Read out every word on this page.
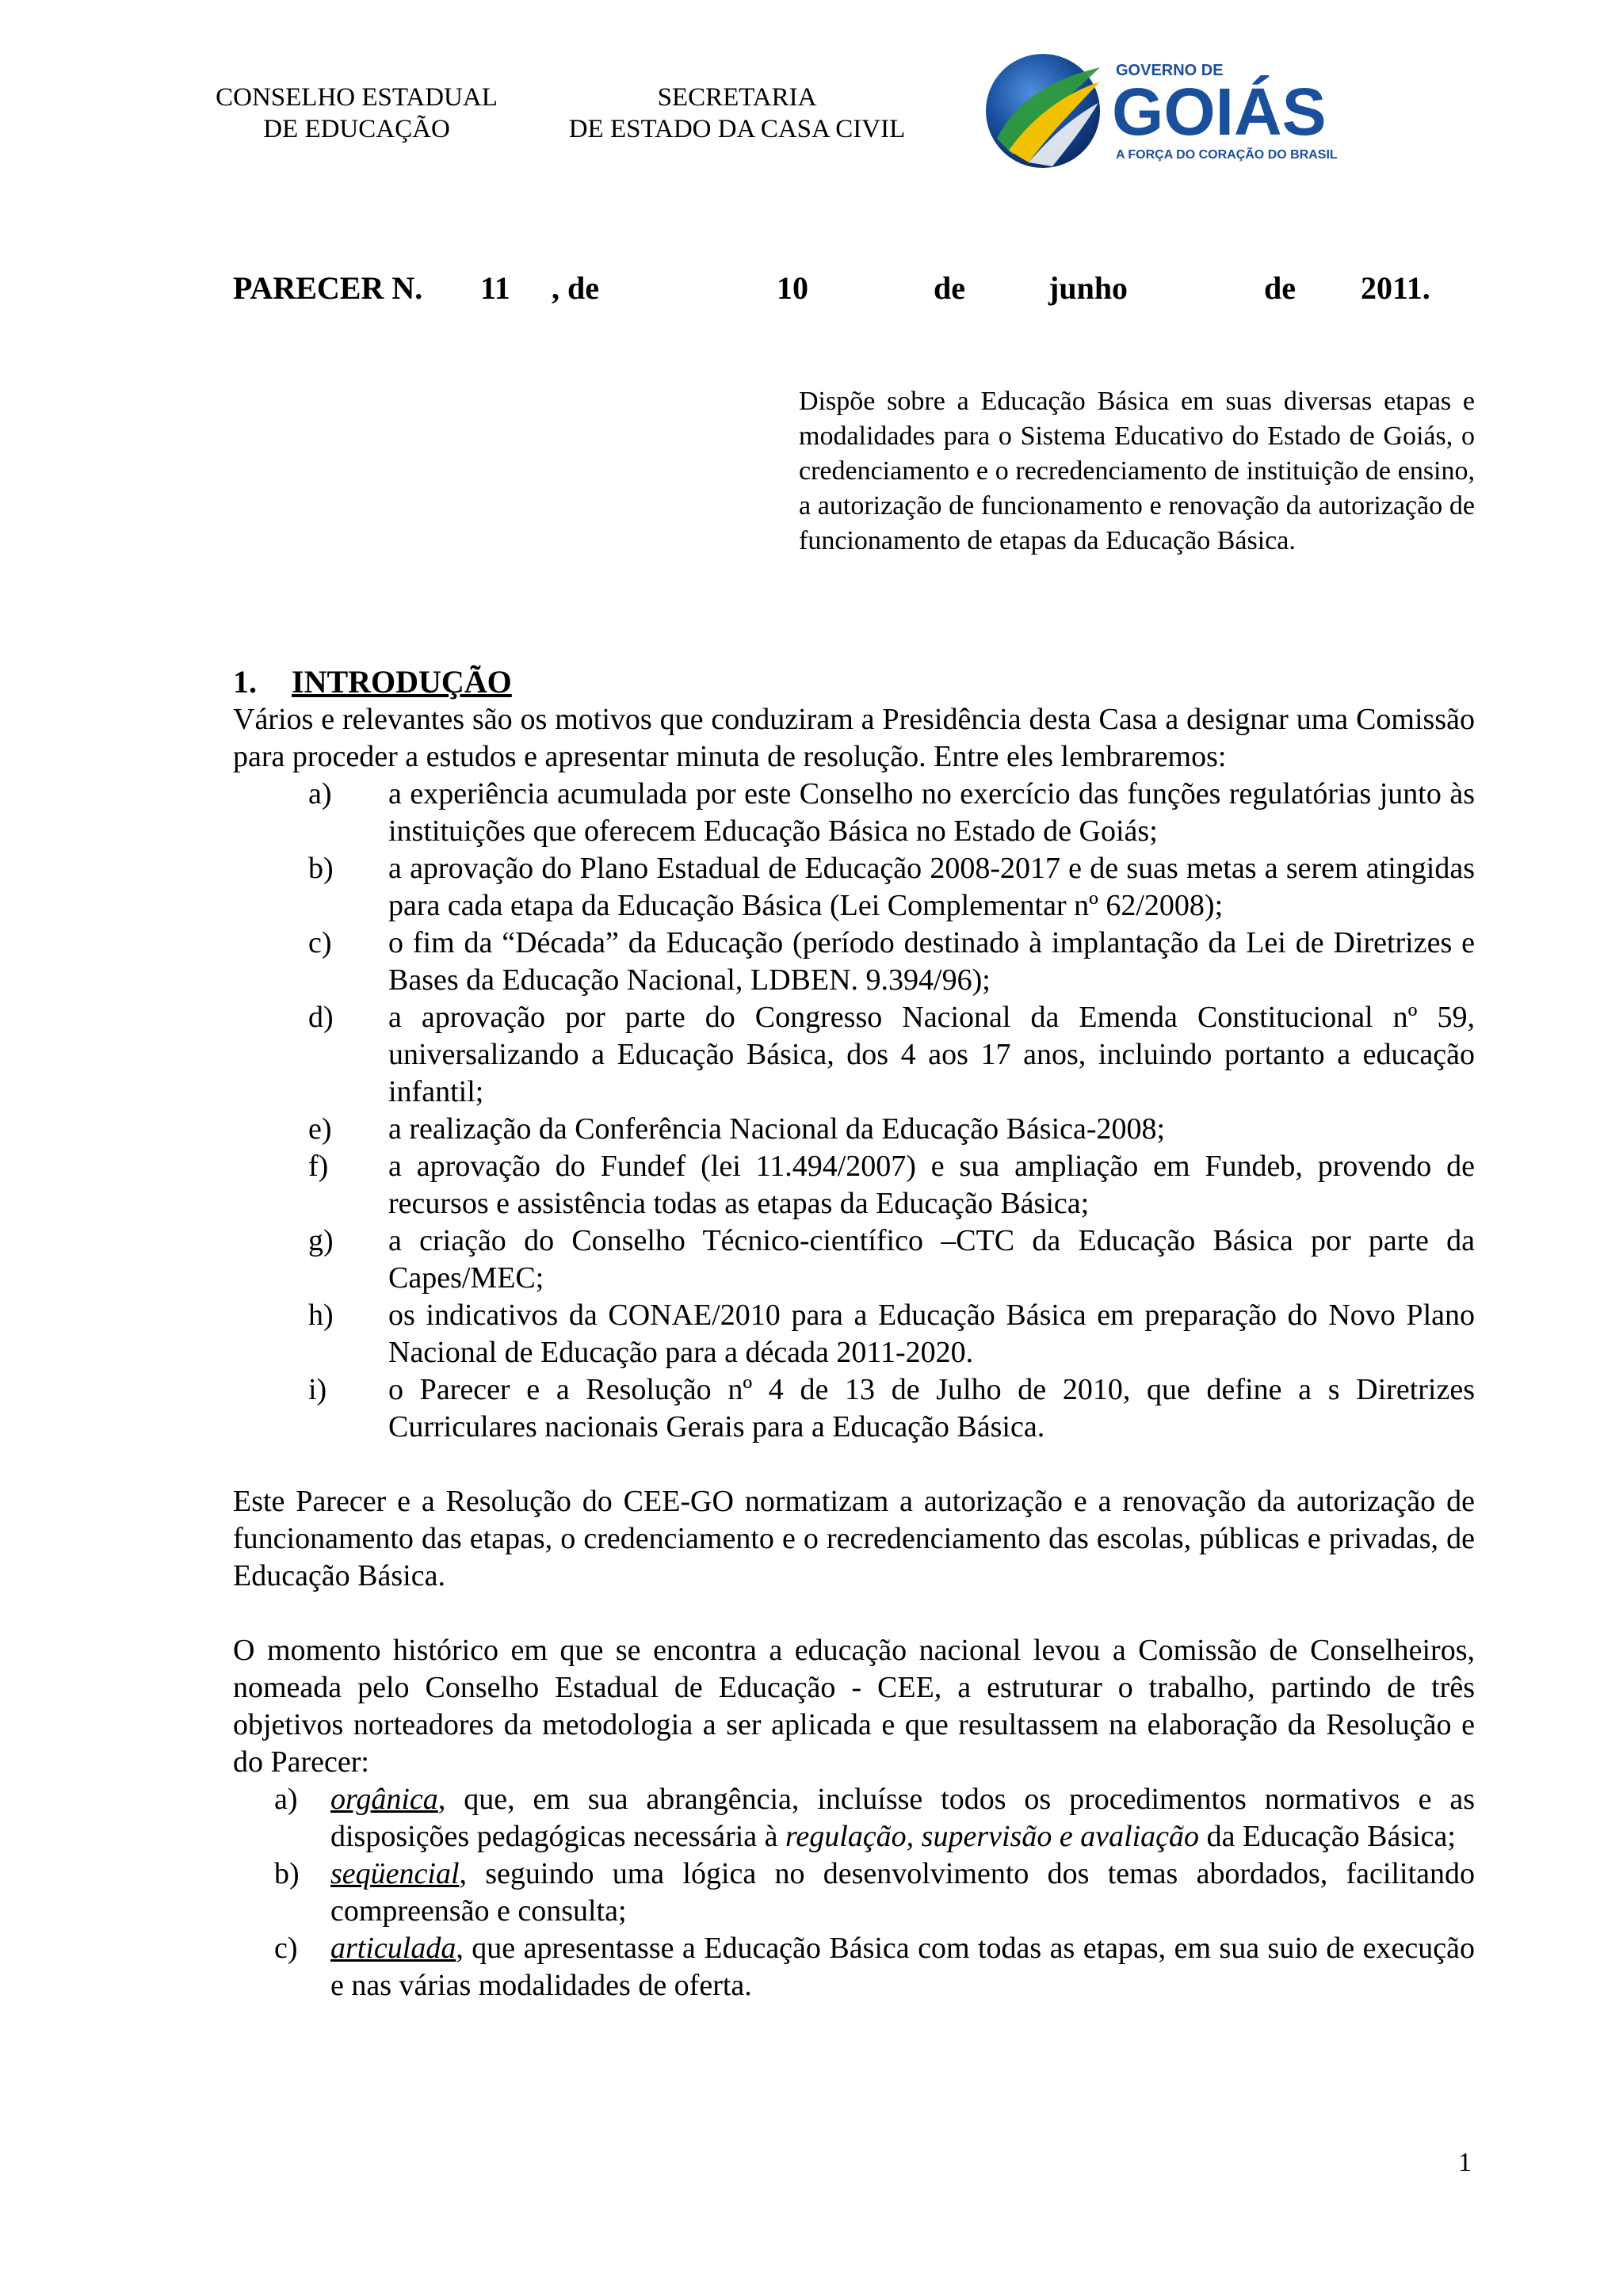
CONSELHO ESTADUAL
DE EDUCAÇÃO
SECRETARIA
DE ESTADO DA CASA CIVIL
GOVERNO DE
GOIÁS
A FORÇA DO CORAÇÃO DO BRASIL
PARECER N. 11 , de	10	de	junho	de 2011.
Dispõe sobre a Educação Básica em suas diversas etapas e modalidades para o Sistema Educativo do Estado de Goiás, o credenciamento e o recredenciamento de instituição de ensino, a autorização de funcionamento e renovação da autorização de funcionamento de etapas da Educação Básica.
1. INTRODUÇÃO

Vários e relevantes são os motivos que conduziram a Presidência desta Casa a designar uma Comissão para proceder a estudos e apresentar minuta de resolução. Entre eles lembraremos:

a) a experiência acumulada por este Conselho no exercício das funções regulatórias junto às instituições que oferecem Educação Básica no Estado de Goiás;
b) a aprovação do Plano Estadual de Educação 2008-2017 e de suas metas a serem atingidas para cada etapa da Educação Básica (Lei Complementar nº 62/2008);
c) o fim da “Década” da Educação (período destinado à implantação da Lei de Diretrizes e Bases da Educação Nacional, LDBEN. 9.394/96);
d) a aprovação por parte do Congresso Nacional da Emenda Constitucional nº 59, universalizando a Educação Básica, dos 4 aos 17 anos, incluindo portanto a educação infantil;
e) a realização da Conferência Nacional da Educação Básica-2008;
f) a aprovação do Fundef (lei 11.494/2007) e sua ampliação em Fundeb, provendo de recursos e assistência todas as etapas da Educação Básica;
g) a criação do Conselho Técnico-científico –CTC da Educação Básica por parte da Capes/MEC;
h) os indicativos da CONAE/2010 para a Educação Básica em preparação do Novo Plano Nacional de Educação para a década 2011-2020.
i) o Parecer e a Resolução nº 4 de 13 de Julho de 2010, que define a s Diretrizes Curriculares nacionais Gerais para a Educação Básica.

Este Parecer e a Resolução do CEE-GO normatizam a autorização e a renovação da autorização de funcionamento das etapas, o credenciamento e o recredenciamento das escolas, públicas e privadas, de Educação Básica.

O momento histórico em que se encontra a educação nacional levou a Comissão de Conselheiros, nomeada pelo Conselho Estadual de Educação - CEE, a estruturar o trabalho, partindo de três objetivos norteadores da metodologia a ser aplicada e que resultassem na elaboração da Resolução e do Parecer:

a) orgânica, que, em sua abrangência, incluísse todos os procedimentos normativos e as disposições pedagógicas necessária à regulação, supervisão e avaliação da Educação Básica;
b) seqüencial, seguindo uma lógica no desenvolvimento dos temas abordados, facilitando compreensão e consulta;
c) articulada, que apresentasse a Educação Básica com todas as etapas, em sua suio de execução e nas várias modalidades de oferta.
1
